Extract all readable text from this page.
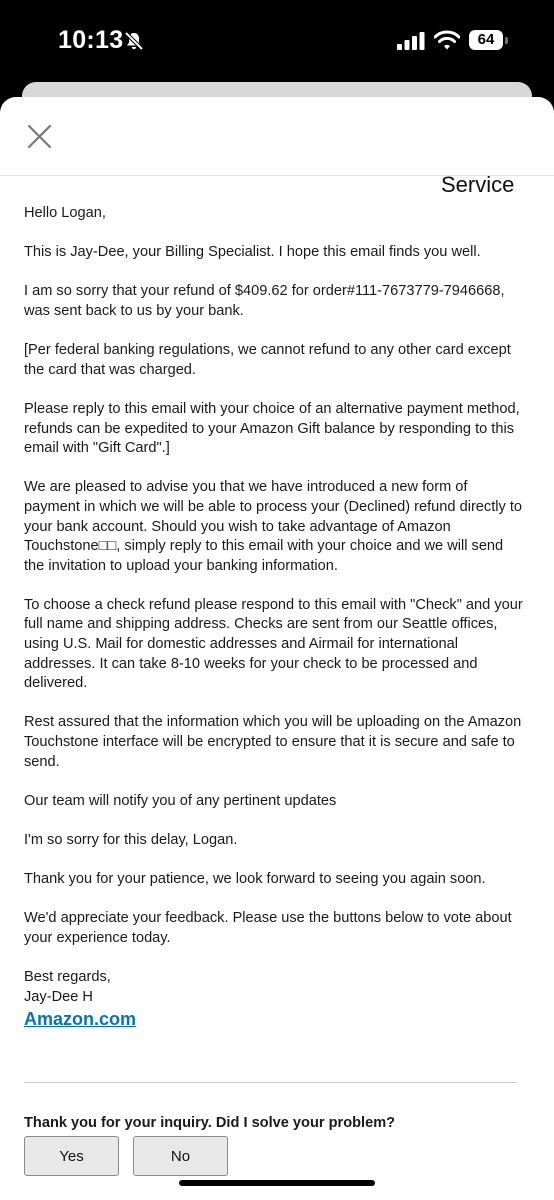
10:13	64
Service

Hello Logan,

This is Jay-Dee, your Billing Specialist. I hope this email finds you well.

I am so sorry that your refund of $409.62 for order#111-7673779-7946668, was sent back to us by your bank.

[Per federal banking regulations, we cannot refund to any other card except the card that was charged.

Please reply to this email with your choice of an alternative payment method, refunds can be expedited to your Amazon Gift balance by responding to this email with "Gift Card".]

We are pleased to advise you that we have introduced a new form of payment in which we will be able to process your (Declined) refund directly to your bank account. Should you wish to take advantage of Amazon Touchstone□□, simply reply to this email with your choice and we will send the invitation to upload your banking information.

To choose a check refund please respond to this email with "Check" and your full name and shipping address. Checks are sent from our Seattle offices, using U.S. Mail for domestic addresses and Airmail for international addresses. It can take 8-10 weeks for your check to be processed and delivered.

Rest assured that the information which you will be uploading on the Amazon Touchstone interface will be encrypted to ensure that it is secure and safe to send.

Our team will notify you of any pertinent updates

I'm so sorry for this delay, Logan.

Thank you for your patience, we look forward to seeing you again soon.

We'd appreciate your feedback. Please use the buttons below to vote about your experience today.

Best regards,

Jay-Dee H

Amazon.com
Thank you for your inquiry. Did I solve your problem?
Yes	No
